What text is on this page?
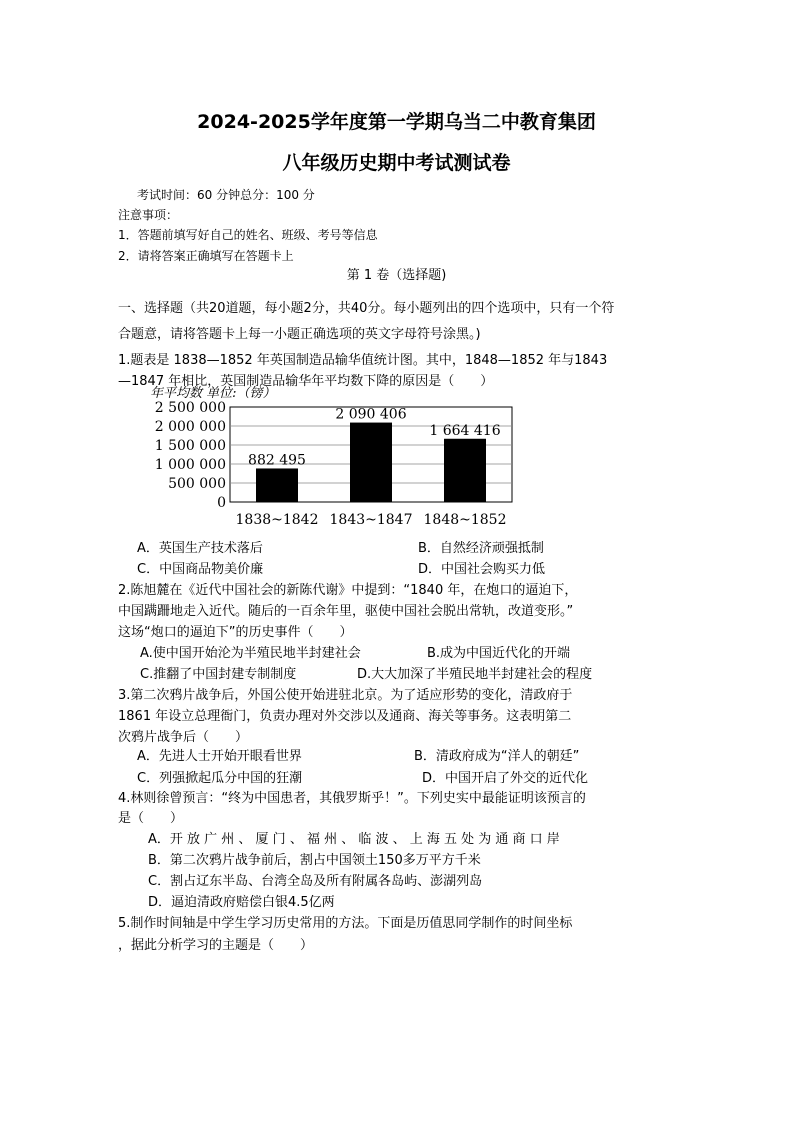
2024-2025学年度第一学期乌当二中教育集团
八年级历史期中考试测试卷
考试时间：60 分钟总分：100 分
注意事项：
1．答题前填写好自己的姓名、班级、考号等信息
2．请将答案正确填写在答题卡上
第 1 卷（选择题)
一、选择题（共20道题，每小题2分，共40分。每小题列出的四个选项中，只有一个符
合题意，请将答题卡上每一小题正确选项的英文字母符号涂黑。)
1.题表是 1838—1852 年英国制造品输华值统计图。其中，1848—1852 年与1843
—1847 年相比，英国制造品输华年平均数下降的原因是（　　）
年平均数 单位:（镑）
0
500 000
1 000 000
1 500 000
2 000 000
2 500 000
882 495
2 090 406
1 664 416
1838~1842 1843~1847 1848~1852
A．英国生产技术落后	B．自然经济顽强抵制
C．中国商品物美价廉	D．中国社会购买力低
2.陈旭麓在《近代中国社会的新陈代谢》中提到：“1840 年，在炮口的逼迫下，
中国蹒跚地走入近代。随后的一百余年里，驱使中国社会脱出常轨，改道变形。”
这场“炮口的逼迫下”的历史事件（　　）
A.使中国开始沦为半殖民地半封建社会	B.成为中国近代化的开端
C.推翻了中国封建专制制度	D.大大加深了半殖民地半封建社会的程度
3.第二次鸦片战争后，外国公使开始进驻北京。为了适应形势的变化，清政府于
1861 年设立总理衙门，负责办理对外交涉以及通商、海关等事务。这表明第二
次鸦片战争后（　　）
A．先进人士开始开眼看世界	B．清政府成为“洋人的朝廷”
C．列强掀起瓜分中国的狂潮	D．中国开启了外交的近代化
4.林则徐曾预言：“终为中国患者，其俄罗斯乎！”。下列史实中最能证明该预言的
是（　　）
A．开 放 广 州 、 厦 门 、 福 州 、 临 波 、 上 海 五 处 为 通 商 口 岸
B．第二次鸦片战争前后，割占中国领土150多万平方千米
C．割占辽东半岛、台湾全岛及所有附属各岛屿、澎湖列岛
D．逼迫清政府赔偿白银4.5亿两
5.制作时间轴是中学生学习历史常用的方法。下面是历值思同学制作的时间坐标
，据此分析学习的主题是（　　）
